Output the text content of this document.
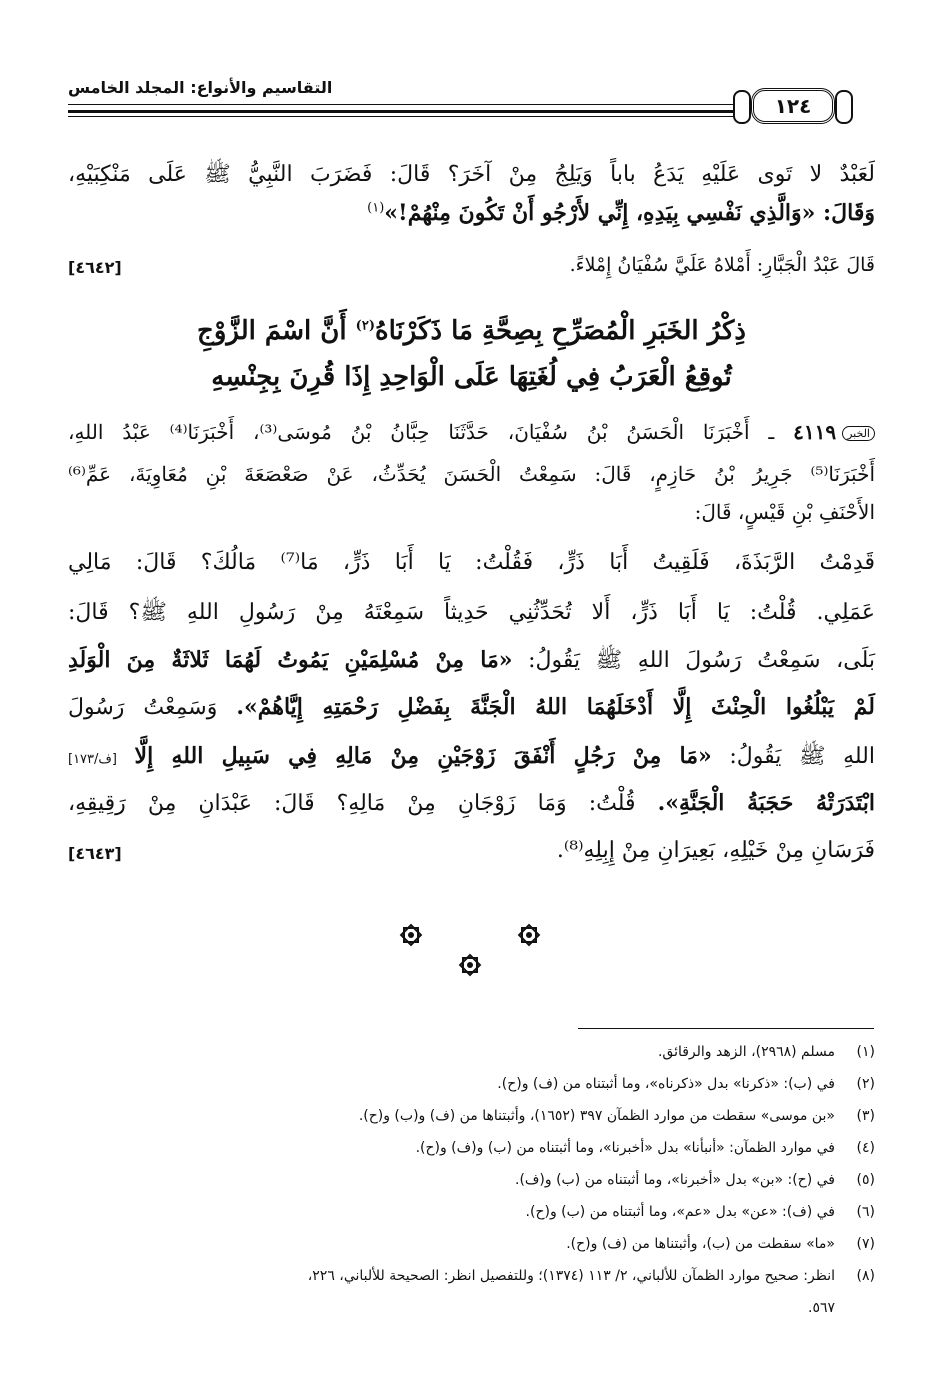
التقاسيم والأنواع: المجلد الخامس
١٢٤
لَعَبْدٌ لا تَوى عَلَيْهِ يَدَعُ باباً وَيَلِجُ مِنْ آخَرَ؟ قَالَ: فَضَرَبَ النَّبِيُّ ﷺ عَلَى مَنْكِبَيْهِ،
وَقَالَ: «وَالَّذِي نَفْسِي بِيَدِهِ، إِنِّي لأَرْجُو أَنْ تَكُونَ مِنْهُمْ!»$^{(١)}$
قَالَ عَبْدُ الْجَبَّارِ: أَمْلاهُ عَلَيَّ سُفْيَانُ إِمْلاءً.
[٤٦٤٢]
ذِكْرُ الخَبَرِ الْمُصَرِّحِ بِصِحَّةِ مَا ذَكَرْنَاهُ$^{(٢)}$ أَنَّ اسْمَ الزَّوْجِ
تُوقِعُ الْعَرَبُ فِي لُغَتِهَا عَلَى الْوَاحِدِ إِذَا قُرِنَ بِجِنْسِهِ
الخبر٤١١٩ ـ أَخْبَرَنَا الْحَسَنُ بْنُ سُفْيَانَ، حَدَّثَنَا حِبَّانُ بْنُ مُوسَى⁽³⁾، أَخْبَرَنَا⁽⁴⁾ عَبْدُ اللهِ،
أَخْبَرَنَا⁽⁵⁾ جَرِيرُ بْنُ حَازِمٍ، قَالَ: سَمِعْتُ الْحَسَنَ يُحَدِّثُ، عَنْ صَعْصَعَةَ بْنِ مُعَاوِيَةَ، عَمِّ⁽⁶⁾
الأَحْنَفِ بْنِ قَيْسٍ، قَالَ:
قَدِمْتُ الرَّبَذَةَ، فَلَقِيتُ أَبَا ذَرٍّ، فَقُلْتُ: يَا أَبَا ذَرٍّ، مَا⁽⁷⁾ مَالُكَ؟ قَالَ: مَالِي
عَمَلِي. قُلْتُ: يَا أَبَا ذَرٍّ، أَلا تُحَدِّثُنِي حَدِيثاً سَمِعْتَهُ مِنْ رَسُولِ اللهِ ﷺ؟ قَالَ:
بَلَى، سَمِعْتُ رَسُولَ اللهِ ﷺ يَقُولُ: «مَا مِنْ مُسْلِمَيْنِ يَمُوتُ لَهُمَا ثَلاثَةٌ مِنَ الْوَلَدِ
لَمْ يَبْلُغُوا الْحِنْثَ إِلَّا أَدْخَلَهُمَا اللهُ الْجَنَّةَ بِفَضْلِ رَحْمَتِهِ إِيَّاهُمْ». وَسَمِعْتُ رَسُولَ
اللهِ ﷺ يَقُولُ: «مَا مِنْ رَجُلٍ أَنْفَقَ زَوْجَيْنِ مِنْ مَالِهِ فِي سَبِيلِ اللهِ إِلَّا [ف/١٧٣]
ابْتَدَرَتْهُ حَجَبَةُ الْجَنَّةِ». قُلْتُ: وَمَا زَوْجَانِ مِنْ مَالِهِ؟ قَالَ: عَبْدَانِ مِنْ رَقِيقِهِ،
فَرَسَانِ مِنْ خَيْلِهِ، بَعِيرَانِ مِنْ إِبِلِهِ⁽⁸⁾.
[٤٦٤٣]
(١)مسلم (٢٩٦٨)، الزهد والرقائق.
(٢)في (ب): «ذكرنا» بدل «ذكرناه»، وما أثبتناه من (ف) و(ح).
(٣)«بن موسى» سقطت من موارد الظمآن ٣٩٧ (١٦٥٢)، وأثبتناها من (ف) و(ب) و(ح).
(٤)في موارد الظمآن: «أنبأنا» بدل «أخبرنا»، وما أثبتناه من (ب) و(ف) و(ح).
(٥)في (ح): «بن» بدل «أخبرنا»، وما أثبتناه من (ب) و(ف).
(٦)في (ف): «عن» بدل «عم»، وما أثبتناه من (ب) و(ح).
(٧)«ما» سقطت من (ب)، وأثبتناها من (ف) و(ح).
(٨)انظر: صحيح موارد الظمآن للألباني، ٢/ ١١٣ (١٣٧٤)؛ وللتفصيل انظر: الصحيحة للألباني، ٢٢٦،
٥٦٧.
